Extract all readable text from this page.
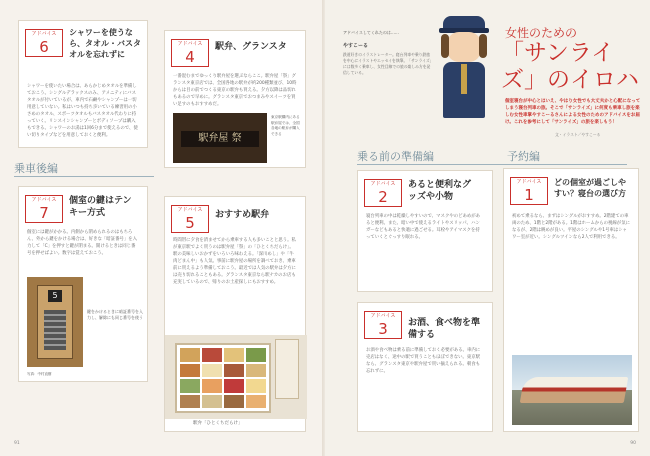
アドバイス
6
シャワーを使うなら、タオル・バスタオルを忘れずに
シャワーを使いたい場合は、あらかじめタオルを準備しておこう。シングルデラックスのみ、アメニティにバスタオルが付いているが、車内で石鹸やシャンプーは一切用意していない。私はいつも持ち歩いている練習用の小さめのタオル、スポーツタオルもバスタオル代わりに持っていく。リンスインシャンプーとボディソープは購入もできる。シャワーのお湯は1回6分まで使えるので、使い切りタイプなどを用意しておくと便利。
アドバイス
4
駅弁、グランスタ
一番混むまでゆっくり駅弁屋を選ぶならここ。駅弁屋「祭」グランスタ東京店では、全国各地の駅弁が約200種類並び、10時からは目の前でつくる東京の駅弁も買える。夕方以降は品切れもあるので早めに。グランスタ東京でおつまみやスイーツを買い足すのもおすすめだ。
駅弁屋 祭
東京駅構内にある駅弁屋では、全国各地の駅弁が購入できる
乗車後編
アドバイス
7
個室の鍵はテンキー方式
個室には鍵がかかる。内側から閉められるのはもちろん、外から鍵をかける場合は、好きな「暗証番号」を入力して「C」を押すと鍵が閉まる。開けるときは同じ番号を押せばよい。数字は覚えておこう。
5
鍵をかけるときに暗証番号を入力し、解除にも同じ番号を使う
写真：中村直樹
アドバイス
5	おすすめ駅弁
時間帯に夕食を済ませてから乗車する人も多いことと思う。私が東京駅でよく買うのは駅弁屋「祭」の「ひとくちだらけ」。駅の美味しいおかずをいろいろ味わえる。「深川めし」や「牛肉どまん中」も人気。事前に駅弁屋の場所を調べておき、乗車前に買えるよう準備しておこう。最近では人気の駅弁は夕方には売り切れることもある。グランスタ東京なら駅ナカのお店も充実しているので、帰りのお土産探しにもおすすめ。
駅弁「ひとくちだらけ」
91
アドバイスしてくれたのは……
やすこーる
鉄道好きのイラストレーター。寝台列車や乗り鉄旅を中心にイラストやエッセイを執筆。「サンライズ」には数多く乗車し、女性目線での旅の楽しみ方を発信している。
女性のための
「サンライズ」のイロハ
個室寝台が中心とはいえ、やはり女性でも大丈夫かと心配になってしまう寝台列車の旅。そこで「サンライズ」に何度も乗車し旅を楽しむ女性車掌やすこーるさんによる女性のためのアドバイスをお届け。これを参考にして「サンライズ」の旅を楽しもう！
文・イラスト／やすこーる
乗る前の準備編	予約編
アドバイス
2
あると便利なグッズや小物
寝台列車の中は乾燥しやすいので、マスクやのどあめがあると便利。また、暗い中で使えるライトやスリッパ、ハンガーなどもあると快適に過ごせる。耳栓やアイマスクを持っていくとぐっすり眠れる。
アドバイス
3	お酒、食べ物を準備する
お酒や食べ物は乗る前に準備しておく必要がある。車内に売店はなく、途中の駅で買うこともほぼできない。東京駅なら、グランスタ東京や駅弁屋で買い揃えられる。朝食も忘れずに。
アドバイス
1
どの個室が過ごしやすい？寝台の選び方
初めて乗るなら、まずはシングルがおすすめ。2階建ての車両のため、1階と2階がある。1階はホームからの視線が気になるが、2階は眺めが良い。平屋のシングルや1号車はシャワー室が近い。シングルツインなら2人で利用できる。
90
